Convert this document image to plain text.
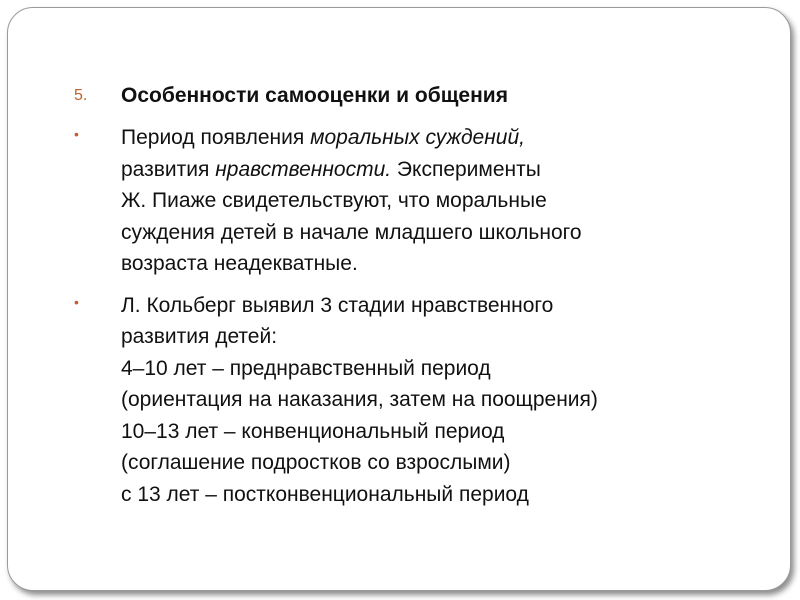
5. Особенности самооценки и общения
• Период появления моральных суждений,
развития нравственности. Эксперименты
Ж. Пиаже свидетельствуют, что моральные
суждения детей в начале младшего школьного
возраста неадекватные.
• Л. Кольберг выявил 3 стадии нравственного
развития детей:
4–10 лет – преднравственный период
(ориентация на наказания, затем на поощрения)
10–13 лет – конвенциональный период
(соглашение подростков со взрослыми)
с 13 лет – постконвенциональный период
